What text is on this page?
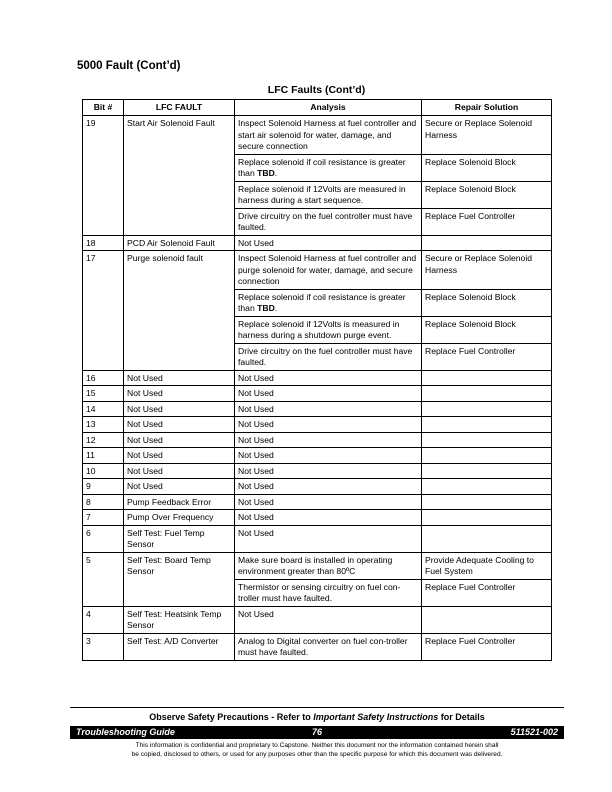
5000 Fault (Cont’d)
LFC Faults (Cont’d)
Bit #	LFC FAULT	Analysis	Repair Solution
19	Start Air Solenoid Fault	Inspect Solenoid Harness at fuel controller and start air solenoid for water, damage, and secure connection	Secure or Replace Solenoid Harness
		Replace solenoid if coil resistance is greater than TBD.	Replace Solenoid Block
		Replace solenoid if 12Volts are measured in harness during a start sequence.	Replace Solenoid Block
		Drive circuitry on the fuel controller must have faulted.	Replace Fuel Controller
18	PCD Air Solenoid Fault	Not Used	
17	Purge solenoid fault	Inspect Solenoid Harness at fuel controller and purge solenoid for water, damage, and secure connection	Secure or Replace Solenoid Harness
		Replace solenoid if coil resistance is greater than TBD.	Replace Solenoid Block
		Replace solenoid if 12Volts is measured in harness during a shutdown purge event.	Replace Solenoid Block
		Drive circuitry on the fuel controller must have faulted.	Replace Fuel Controller
16	Not Used	Not Used	
15	Not Used	Not Used	
14	Not Used	Not Used	
13	Not Used	Not Used	
12	Not Used	Not Used	
11	Not Used	Not Used	
10	Not Used	Not Used	
9	Not Used	Not Used	
8	Pump Feedback Error	Not Used	
7	Pump Over Frequency	Not Used	
6	Self Test: Fuel Temp Sensor	Not Used	
5	Self Test: Board Temp Sensor	Make sure board is installed in operating environment greater than 80ºC	Provide Adequate Cooling to Fuel System
		Thermistor or sensing circuitry on fuel con-troller must have faulted.	Replace Fuel Controller
4	Self Test: Heatsink Temp Sensor	Not Used	
3	Self Test: A/D Converter	Analog to Digital converter on fuel con-troller must have faulted.	Replace Fuel Controller
Observe Safety Precautions - Refer to Important Safety Instructions for Details
Troubleshooting Guide	76	511521-002
This information is confidential and proprietary to Capstone. Neither this document nor the information contained herein shall
be copied, disclosed to others, or used for any purposes other than the specific purpose for which this document was delivered.
